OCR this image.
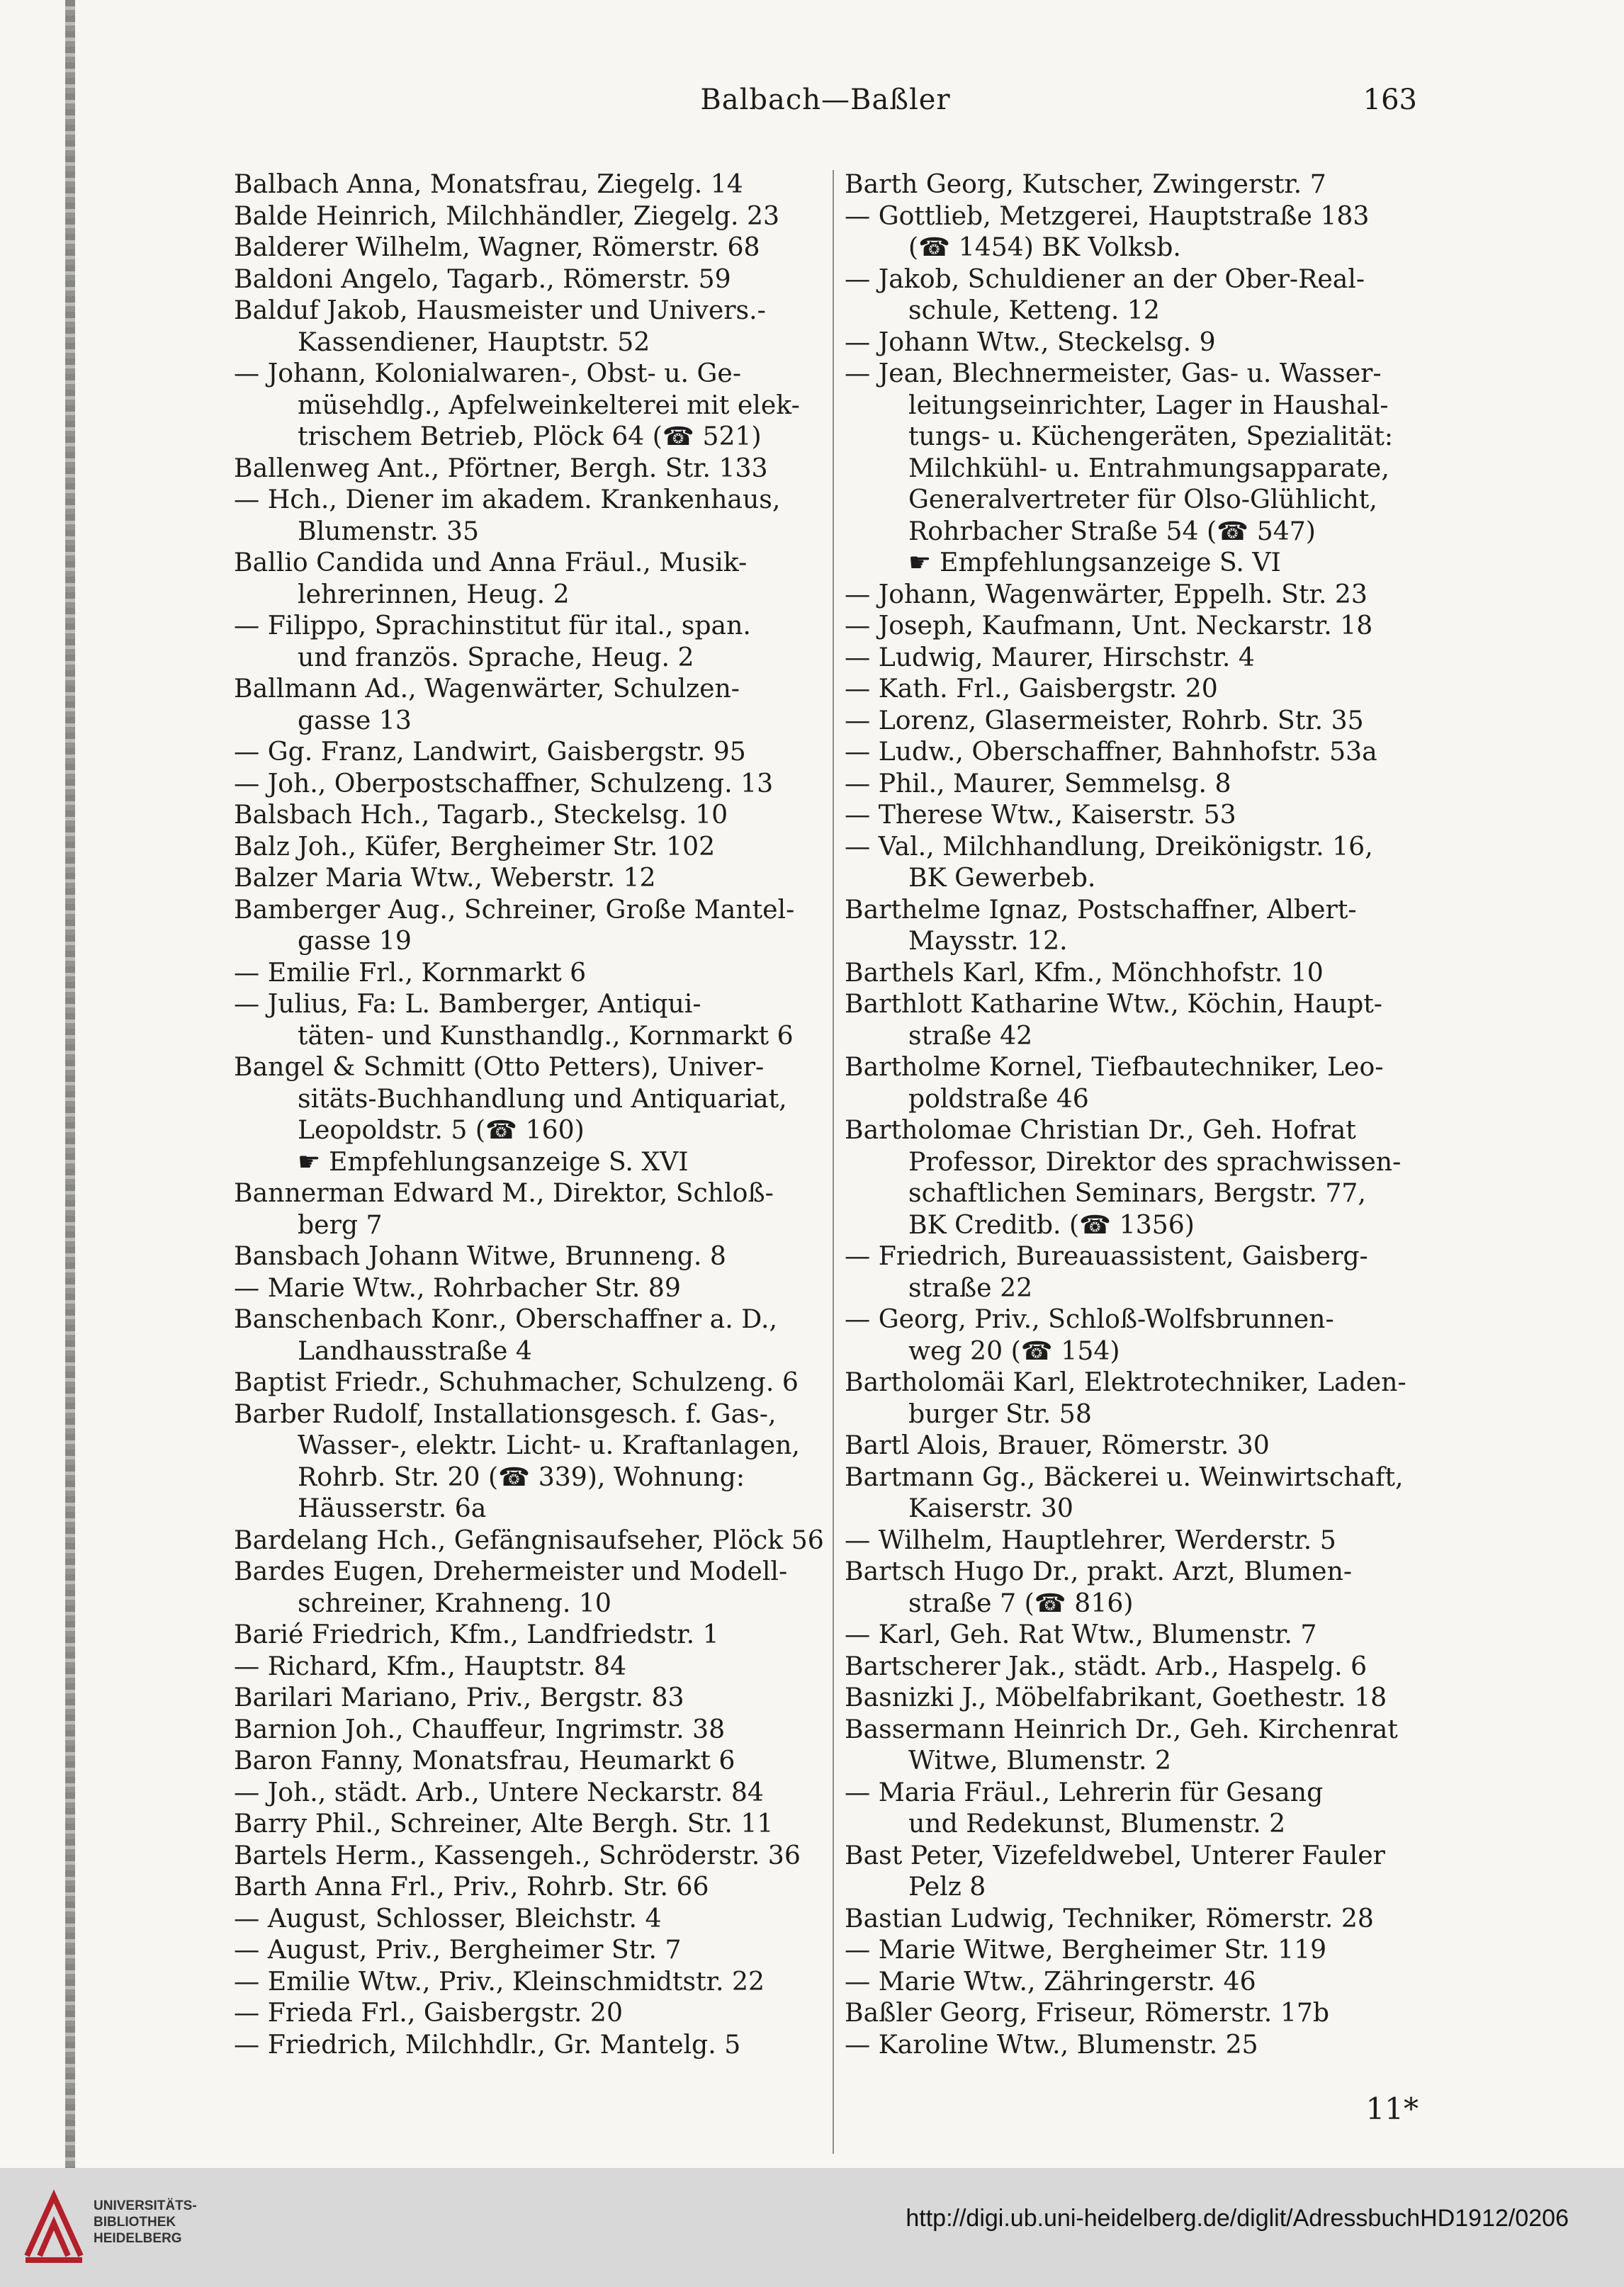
Balbach—Baßler	163
Balbach Anna, Monatsfrau, Ziegelg. 14
Balde Heinrich, Milchhändler, Ziegelg. 23
Balderer Wilhelm, Wagner, Römerstr. 68
Baldoni Angelo, Tagarb., Römerstr. 59
Balduf Jakob, Hausmeister und Univers.-
Kassendiener, Hauptstr. 52
— Johann, Kolonialwaren-, Obst- u. Ge-
müsehdlg., Apfelweinkelterei mit elek-
trischem Betrieb, Plöck 64 (☎ 521)
Ballenweg Ant., Pförtner, Bergh. Str. 133
— Hch., Diener im akadem. Krankenhaus,
Blumenstr. 35
Ballio Candida und Anna Fräul., Musik-
lehrerinnen, Heug. 2
— Filippo, Sprachinstitut für ital., span.
und französ. Sprache, Heug. 2
Ballmann Ad., Wagenwärter, Schulzen-
gasse 13
— Gg. Franz, Landwirt, Gaisbergstr. 95
— Joh., Oberpostschaffner, Schulzeng. 13
Balsbach Hch., Tagarb., Steckelsg. 10
Balz Joh., Küfer, Bergheimer Str. 102
Balzer Maria Wtw., Weberstr. 12
Bamberger Aug., Schreiner, Große Mantel-
gasse 19
— Emilie Frl., Kornmarkt 6
— Julius, Fa: L. Bamberger, Antiqui-
täten- und Kunsthandlg., Kornmarkt 6
Bangel & Schmitt (Otto Petters), Univer-
sitäts-Buchhandlung und Antiquariat,
Leopoldstr. 5 (☎ 160)
☛ Empfehlungsanzeige S. XVI
Bannerman Edward M., Direktor, Schloß-
berg 7
Bansbach Johann Witwe, Brunneng. 8
— Marie Wtw., Rohrbacher Str. 89
Banschenbach Konr., Oberschaffner a. D.,
Landhausstraße 4
Baptist Friedr., Schuhmacher, Schulzeng. 6
Barber Rudolf, Installationsgesch. f. Gas-,
Wasser-, elektr. Licht- u. Kraftanlagen,
Rohrb. Str. 20 (☎ 339), Wohnung:
Häusserstr. 6a
Bardelang Hch., Gefängnisaufseher, Plöck 56
Bardes Eugen, Drehermeister und Modell-
schreiner, Krahneng. 10
Barié Friedrich, Kfm., Landfriedstr. 1
— Richard, Kfm., Hauptstr. 84
Barilari Mariano, Priv., Bergstr. 83
Barnion Joh., Chauffeur, Ingrimstr. 38
Baron Fanny, Monatsfrau, Heumarkt 6
— Joh., städt. Arb., Untere Neckarstr. 84
Barry Phil., Schreiner, Alte Bergh. Str. 11
Bartels Herm., Kassengeh., Schröderstr. 36
Barth Anna Frl., Priv., Rohrb. Str. 66
— August, Schlosser, Bleichstr. 4
— August, Priv., Bergheimer Str. 7
— Emilie Wtw., Priv., Kleinschmidtstr. 22
— Frieda Frl., Gaisbergstr. 20
— Friedrich, Milchhdlr., Gr. Mantelg. 5
Barth Georg, Kutscher, Zwingerstr. 7
— Gottlieb, Metzgerei, Hauptstraße 183
(☎ 1454) BK Volksb.
— Jakob, Schuldiener an der Ober-Real-
schule, Ketteng. 12
— Johann Wtw., Steckelsg. 9
— Jean, Blechnermeister, Gas- u. Wasser-
leitungseinrichter, Lager in Haushal-
tungs- u. Küchengeräten, Spezialität:
Milchkühl- u. Entrahmungsapparate,
Generalvertreter für Olso-Glühlicht,
Rohrbacher Straße 54 (☎ 547)
☛ Empfehlungsanzeige S. VI
— Johann, Wagenwärter, Eppelh. Str. 23
— Joseph, Kaufmann, Unt. Neckarstr. 18
— Ludwig, Maurer, Hirschstr. 4
— Kath. Frl., Gaisbergstr. 20
— Lorenz, Glasermeister, Rohrb. Str. 35
— Ludw., Oberschaffner, Bahnhofstr. 53a
— Phil., Maurer, Semmelsg. 8
— Therese Wtw., Kaiserstr. 53
— Val., Milchhandlung, Dreikönigstr. 16,
BK Gewerbeb.
Barthelme Ignaz, Postschaffner, Albert-
Maysstr. 12.
Barthels Karl, Kfm., Mönchhofstr. 10
Barthlott Katharine Wtw., Köchin, Haupt-
straße 42
Bartholme Kornel, Tiefbautechniker, Leo-
poldstraße 46
Bartholomae Christian Dr., Geh. Hofrat
Professor, Direktor des sprachwissen-
schaftlichen Seminars, Bergstr. 77,
BK Creditb. (☎ 1356)
— Friedrich, Bureauassistent, Gaisberg-
straße 22
— Georg, Priv., Schloß-Wolfsbrunnen-
weg 20 (☎ 154)
Bartholomäi Karl, Elektrotechniker, Laden-
burger Str. 58
Bartl Alois, Brauer, Römerstr. 30
Bartmann Gg., Bäckerei u. Weinwirtschaft,
Kaiserstr. 30
— Wilhelm, Hauptlehrer, Werderstr. 5
Bartsch Hugo Dr., prakt. Arzt, Blumen-
straße 7 (☎ 816)
— Karl, Geh. Rat Wtw., Blumenstr. 7
Bartscherer Jak., städt. Arb., Haspelg. 6
Basnizki J., Möbelfabrikant, Goethestr. 18
Bassermann Heinrich Dr., Geh. Kirchenrat
Witwe, Blumenstr. 2
— Maria Fräul., Lehrerin für Gesang
und Redekunst, Blumenstr. 2
Bast Peter, Vizefeldwebel, Unterer Fauler
Pelz 8
Bastian Ludwig, Techniker, Römerstr. 28
— Marie Witwe, Bergheimer Str. 119
— Marie Wtw., Zähringerstr. 46
Baßler Georg, Friseur, Römerstr. 17b
— Karoline Wtw., Blumenstr. 25
11*
UNIVERSITÄTS-
BIBLIOTHEK
HEIDELBERG
http://digi.ub.uni-heidelberg.de/diglit/AdressbuchHD1912/0206
